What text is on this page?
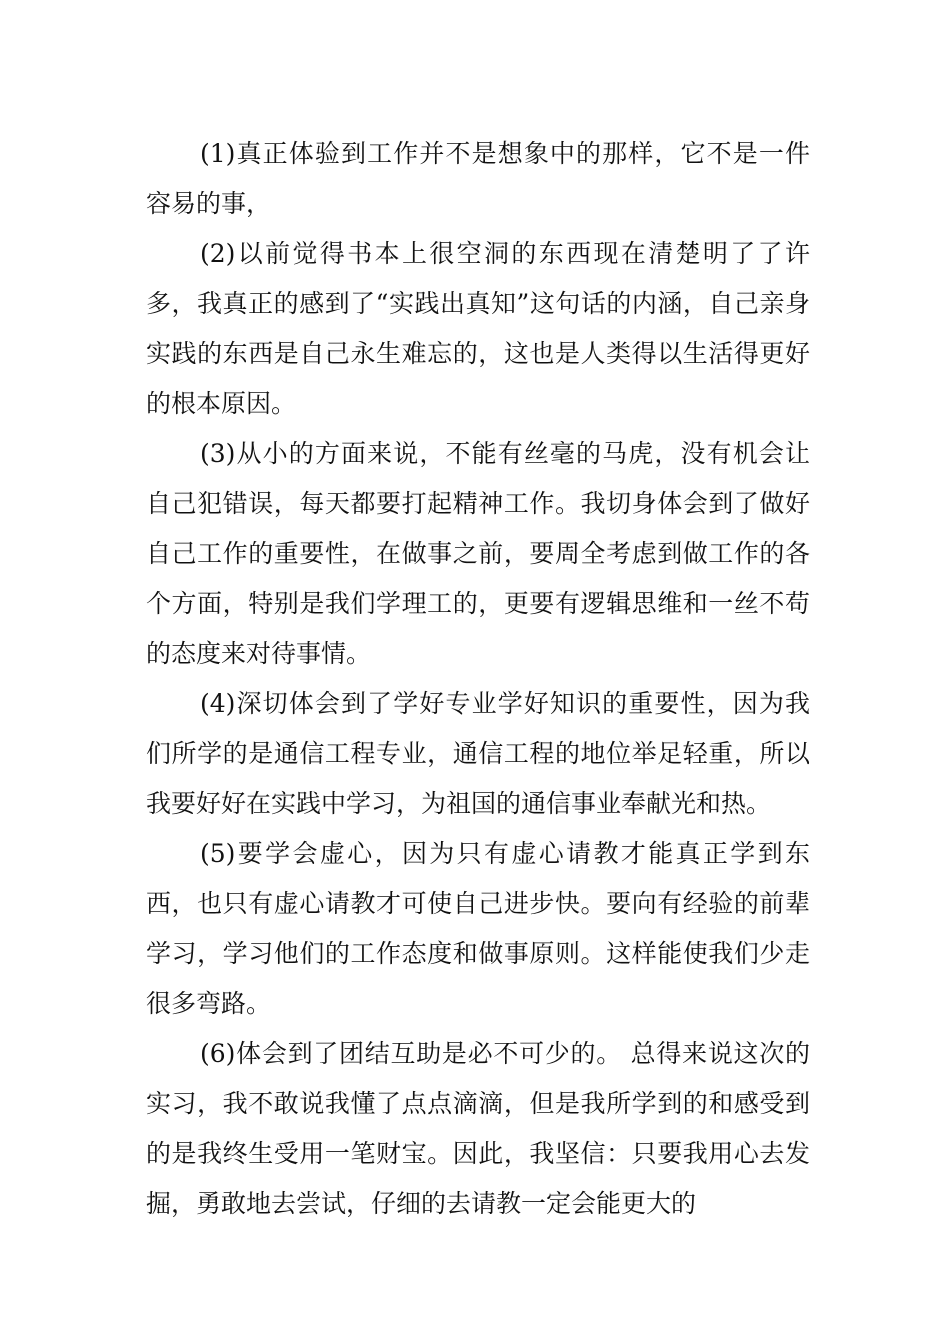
(1)真正体验到工作并不是想象中的那样，它不是一件容易的事，

(2)以前觉得书本上很空洞的东西现在清楚明了了许多，我真正的感到了“实践出真知”这句话的内涵，自己亲身实践的东西是自己永生难忘的，这也是人类得以生活得更好的根本原因。

(3)从小的方面来说，不能有丝毫的马虎，没有机会让自己犯错误，每天都要打起精神工作。我切身体会到了做好自己工作的重要性，在做事之前，要周全考虑到做工作的各个方面，特别是我们学理工的，更要有逻辑思维和一丝不苟的态度来对待事情。

(4)深切体会到了学好专业学好知识的重要性，因为我们所学的是通信工程专业，通信工程的地位举足轻重，所以我要好好在实践中学习，为祖国的通信事业奉献光和热。

(5)要学会虚心，因为只有虚心请教才能真正学到东西，也只有虚心请教才可使自己进步快。要向有经验的前辈学习，学习他们的工作态度和做事原则。这样能使我们少走很多弯路。

(6)体会到了团结互助是必不可少的。 总得来说这次的实习，我不敢说我懂了点点滴滴，但是我所学到的和感受到的是我终生受用一笔财宝。因此，我坚信：只要我用心去发掘，勇敢地去尝试，仔细的去请教一定会能更大的
